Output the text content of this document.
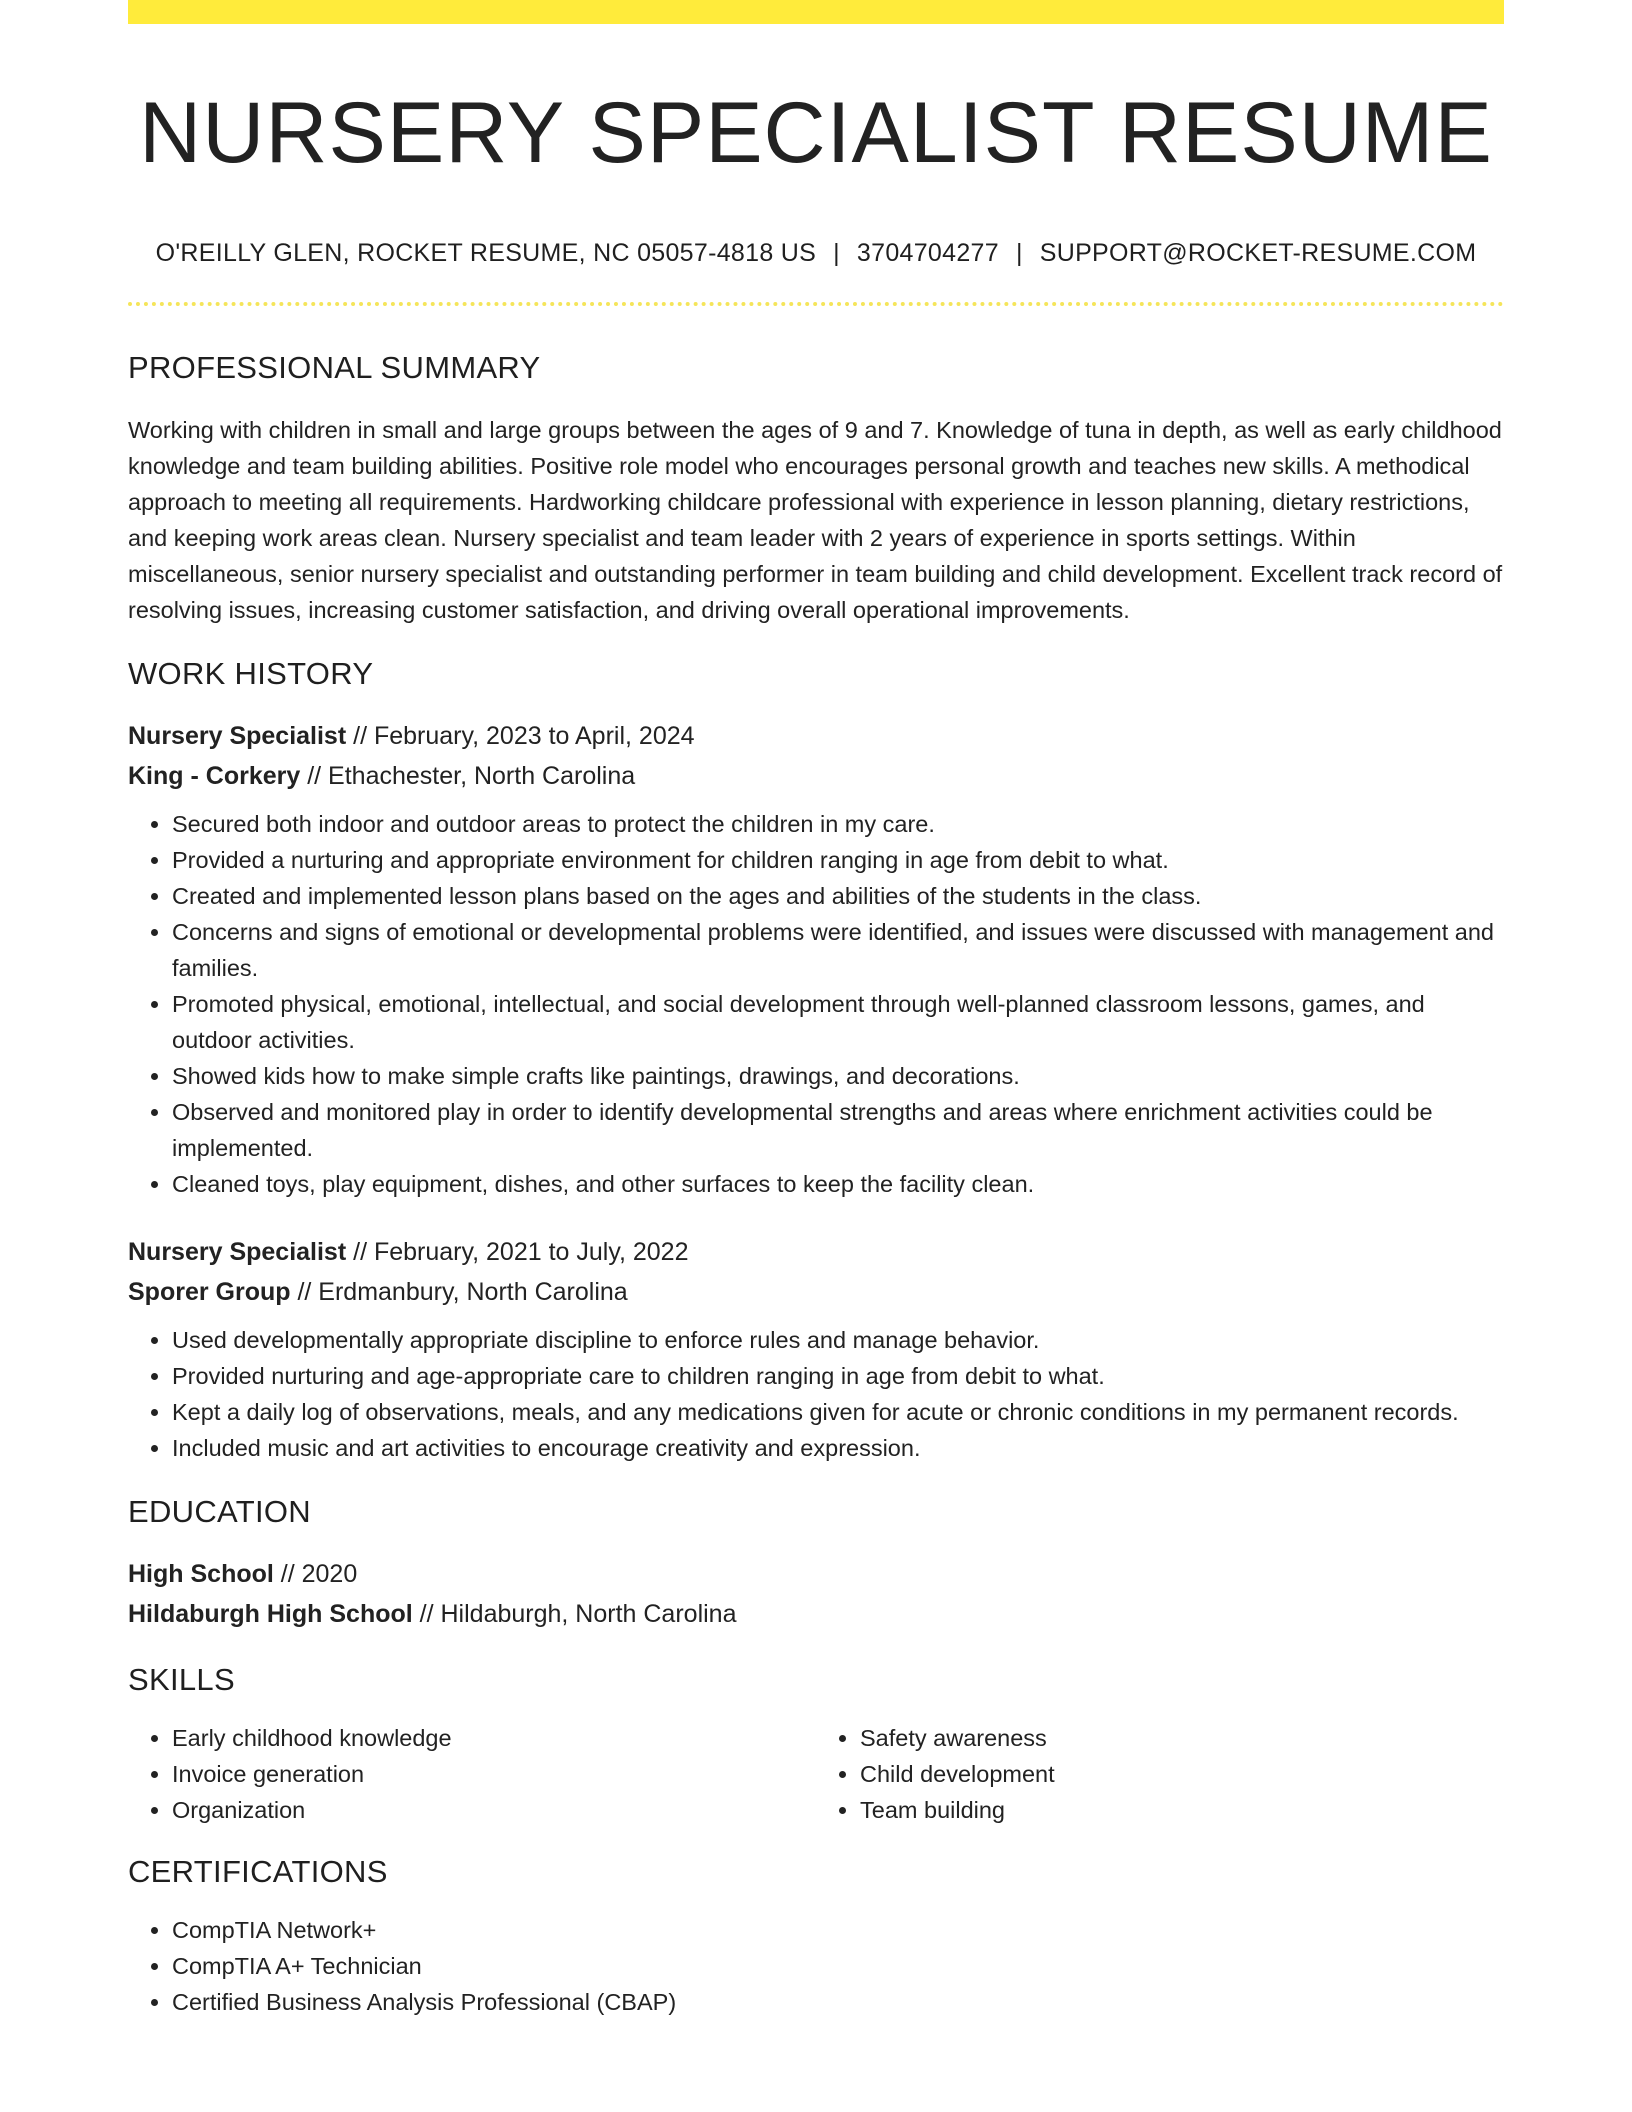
NURSERY SPECIALIST RESUME
O'REILLY GLEN, ROCKET RESUME, NC 05057-4818 US | 3704704277 | SUPPORT@ROCKET-RESUME.COM
PROFESSIONAL SUMMARY

Working with children in small and large groups between the ages of 9 and 7. Knowledge of tuna in depth, as well as early childhood knowledge and team building abilities. Positive role model who encourages personal growth and teaches new skills. A methodical approach to meeting all requirements. Hardworking childcare professional with experience in lesson planning, dietary restrictions, and keeping work areas clean. Nursery specialist and team leader with 2 years of experience in sports settings. Within miscellaneous, senior nursery specialist and outstanding performer in team building and child development. Excellent track record of resolving issues, increasing customer satisfaction, and driving overall operational improvements.

WORK HISTORY
Nursery Specialist // February, 2023 to April, 2024
King - Corkery // Ethachester, North Carolina
• Secured both indoor and outdoor areas to protect the children in my care.
• Provided a nurturing and appropriate environment for children ranging in age from debit to what.
• Created and implemented lesson plans based on the ages and abilities of the students in the class.
• Concerns and signs of emotional or developmental problems were identified, and issues were discussed with management and families.
• Promoted physical, emotional, intellectual, and social development through well-planned classroom lessons, games, and outdoor activities.
• Showed kids how to make simple crafts like paintings, drawings, and decorations.
• Observed and monitored play in order to identify developmental strengths and areas where enrichment activities could be implemented.
• Cleaned toys, play equipment, dishes, and other surfaces to keep the facility clean.
Nursery Specialist // February, 2021 to July, 2022
Sporer Group // Erdmanbury, North Carolina
• Used developmentally appropriate discipline to enforce rules and manage behavior.
• Provided nurturing and age-appropriate care to children ranging in age from debit to what.
• Kept a daily log of observations, meals, and any medications given for acute or chronic conditions in my permanent records.
• Included music and art activities to encourage creativity and expression.
EDUCATION
High School // 2020
Hildaburgh High School // Hildaburgh, North Carolina
SKILLS
• Early childhood knowledge
• Invoice generation
• Organization
• Safety awareness
• Child development
• Team building
CERTIFICATIONS
• CompTIA Network+
• CompTIA A+ Technician
• Certified Business Analysis Professional (CBAP)
